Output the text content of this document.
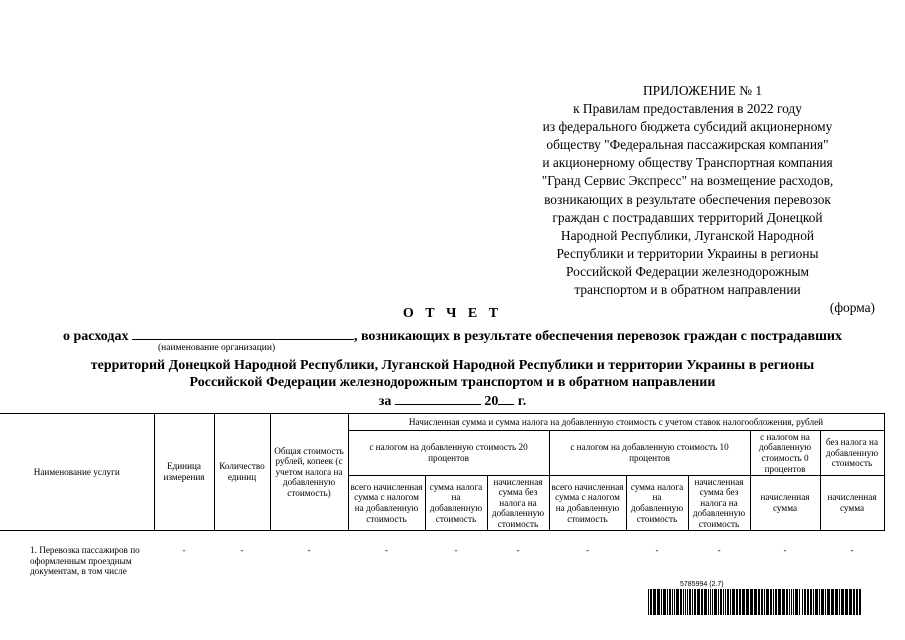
ПРИЛОЖЕНИЕ № 1
к Правилам предоставления в 2022 году
из федерального бюджета субсидий акционерному
обществу "Федеральная пассажирская компания"
и акционерному обществу Транспортная компания
"Гранд Сервис Экспресс" на возмещение расходов,
возникающих в результате обеспечения перевозок
граждан с пострадавших территорий Донецкой
Народной Республики, Луганской Народной
Республики и территории Украины в регионы
Российской Федерации железнодорожным
транспортом и в обратном направлении
(форма)
О Т Ч Е Т
о расходах	, возникающих в результате обеспечения перевозок граждан с пострадавших
(наименование организации)
территорий Донецкой Народной Республики, Луганской Народной Республики и территории Украины в регионы
Российской Федерации железнодорожным транспортом и в обратном направлении
за	20 г.
Наименование услуги	Единица измерения	Количество единиц	Общая стоимость рублей, копеек (с учетом налога на добавленную стоимость)	Начисленная сумма и сумма налога на добавленную стоимость с учетом ставок налогообложения, рублей							
				с налогом на добавленную стоимость 20 процентов			с налогом на добавленную стоимость 10 процентов			с налогом на добавленную стоимость 0 процентов	без налога на добавленную стоимость
				всего начисленная сумма с налогом на добавленную стоимость	сумма налога на добавленную стоимость	начисленная сумма без налога на добавленную стоимость	всего начисленная сумма с налогом на добавленную стоимость	сумма налога на добавленную стоимость	начисленная сумма без налога на добавленную стоимость	начисленная сумма	начисленная сумма
1. Перевозка пассажиров по оформленным проездным документам, в том числе	-	-	-	-	-	-	-	-	-	-	-
5785994 (2.7)
